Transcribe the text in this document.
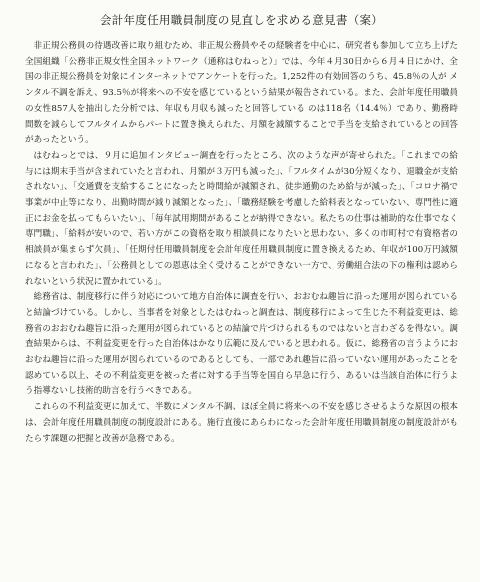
会計年度任用職員制度の見直しを求める意見書（案）

非正規公務員の待遇改善に取り組むため、非正規公務員やその経験者を中心に、研究者も参加して立ち上げた全国組織「公務非正規女性全国ネットワーク（通称はむねっと）」では、今年４月30日から６月４日にかけ、全国の非正規公務員を対象にインターネットでアンケートを行った。1,252件の有効回答のうち、45.8％の人が メンタル不調を訴え、93.5％が将来への不安を感じているという結果が報告されている。また、会計年度任用職員の女性857人を抽出した分析では、年収も月収も減ったと回答している のは118名（14.4％）であり、勤務時間数を減らしてフルタイムからパートに置き換えられた、月額を減額することで手当を支給されているとの回答があったという。

はむねっとでは、９月に追加インタビュー調査を行ったところ、次のような声が寄せられた。「これまでの給与には期末手当が含まれていたと言われ、月額が３万円も減った」、「フルタイムが30分短くなり、退職金が支給されない」、「交通費を支給することになったと時間給が減額され、徒歩通勤のため給与が減った」、「コロナ禍で事業が中止等になり、出勤時間が減り減額となった」、「職務経験を考慮した給料表となっていない、専門性に適正にお金を払ってもらいたい」、「毎年試用期間があることが納得できない。私たちの仕事は補助的な仕事でなく専門職」、「給料が安いので、若い方がこの資格を取り相談員になりたいと思わない、多くの市町村で有資格者の相談員が集まらず欠員」、「任期付任用職員制度を会計年度任用職員制度に置き換えるため、年収が100万円減額になると言われた」、「公務員としての恩恵は全く受けることができない一方で、労働組合法の下の権利は認められないという状況に置かれている」。

総務省は、制度移行に伴う対応について地方自治体に調査を行い、おおむね趣旨に沿った運用が図られていると結論づけている。しかし、当事者を対象としたはむねっと調査は、制度移行によって生じた不利益変更は、総務省のおおむね趣旨に沿った運用が図られているとの結論で片づけられるものではないと言わざるを得ない。調査結果からは、不利益変更を行った自治体はかなり広範に及んでいると思われる。仮に、総務省の言うようにおおむね趣旨に沿った運用が図られているのであるとしても、一部であれ趣旨に沿っていない運用があったことを認めている以上、その不利益変更を被った者に対する手当等を国自ら早急に行う、あるいは当該自治体に行うよう指導ないし技術的助言を行うべきである。

これらの不利益変更に加えて、半数にメンタル不調、ほぼ全員に将来への不安を感じさせるような原因の根本は、会計年度任用職員制度の制度設計にある。施行直後にあらわになった会計年度任用職員制度の制度設計がもたらす課題の把握と改善が急務である。
